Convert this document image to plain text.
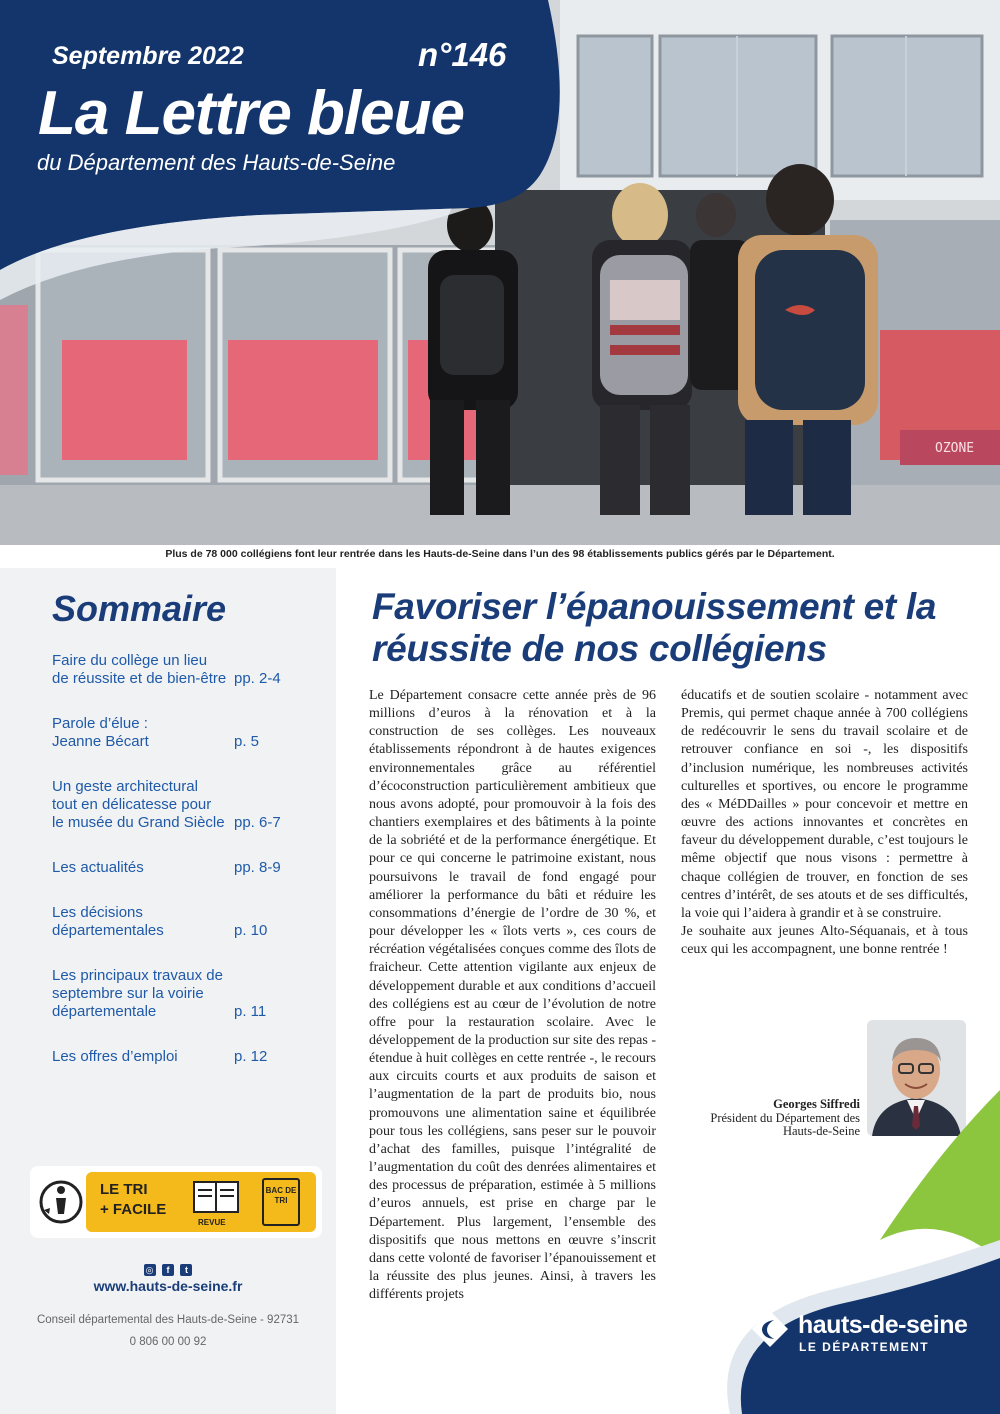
OZONE
Septembre 2022	n°146
La Lettre bleue
du Département des Hauts-de-Seine
Plus de 78 000 collégiens font leur rentrée dans les Hauts-de-Seine dans l’un des 98 établissements publics gérés par le Département.
Sommaire
Faire du collège un lieu de réussite et de bien-être pp. 2-4
Parole d’élue : Jeanne Bécart	p. 5
Un geste architectural tout en délicatesse pour le musée du Grand Siècle pp. 6-7
Les actualités	pp. 8-9
Les décisions départementales	p. 10
Les principaux travaux de septembre sur la voirie départementale	p. 11
Les offres d’emploi	p. 12
LE TRI
+ FACILE
REVUE
BAC DE TRI
◎ f t
www.hauts-de-seine.fr
Conseil départemental des Hauts-de-Seine - 92731
0 806 00 00 92
Favoriser l’épanouissement et la réussite de nos collégiens

Le Département consacre cette année près de 96 millions d’euros à la rénovation et à la construction de ses collèges. Les nouveaux établissements répondront à de hautes exigences environnementales grâce au référentiel d’écoconstruction particulièrement ambitieux que nous avons adopté, pour promouvoir à la fois des chantiers exemplaires et des bâtiments à la pointe de la sobriété et de la performance énergétique. Et pour ce qui concerne le patrimoine existant, nous poursuivons le travail de fond engagé pour améliorer la performance du bâti et réduire les consommations d’énergie de l’ordre de 30 %, et pour développer les « îlots verts », ces cours de récréation végétalisées conçues comme des îlots de fraicheur. Cette attention vigilante aux enjeux de développement durable et aux conditions d’accueil des collégiens est au cœur de l’évolution de notre offre pour la restauration scolaire. Avec le développement de la production sur site des repas - étendue à huit collèges en cette rentrée -, le recours aux circuits courts et aux produits de saison et l’augmentation de la part de produits bio, nous promouvons une alimentation saine et équilibrée pour tous les collégiens, sans peser sur le pouvoir d’achat des familles, puisque l’intégralité de l’augmentation du coût des denrées alimentaires et des processus de préparation, estimée à 5 millions d’euros annuels, est prise en charge par le Département. Plus largement, l’ensemble des dispositifs que nous mettons en œuvre s’inscrit dans cette volonté de favoriser l’épanouissement et la réussite des plus jeunes. Ainsi, à travers les différents projets

éducatifs et de soutien scolaire - notamment avec Premis, qui permet chaque année à 700 collégiens de redécouvrir le sens du travail scolaire et de retrouver confiance en soi -, les dispositifs d’inclusion numérique, les nombreuses activités culturelles et sportives, ou encore le programme des « MéDDailles » pour concevoir et mettre en œuvre des actions innovantes et concrètes en faveur du développement durable, c’est toujours le même objectif que nous visons : permettre à chaque collégien de trouver, en fonction de ses centres d’intérêt, de ses atouts et de ses difficultés, la voie qui l’aidera à grandir et à se construire.

Je souhaite aux jeunes Alto-Séquanais, et à tous ceux qui les accompagnent, une bonne rentrée !

Georges Siffredi
Président du Département des Hauts-de-Seine
hauts-de-seine
LE DÉPARTEMENT
